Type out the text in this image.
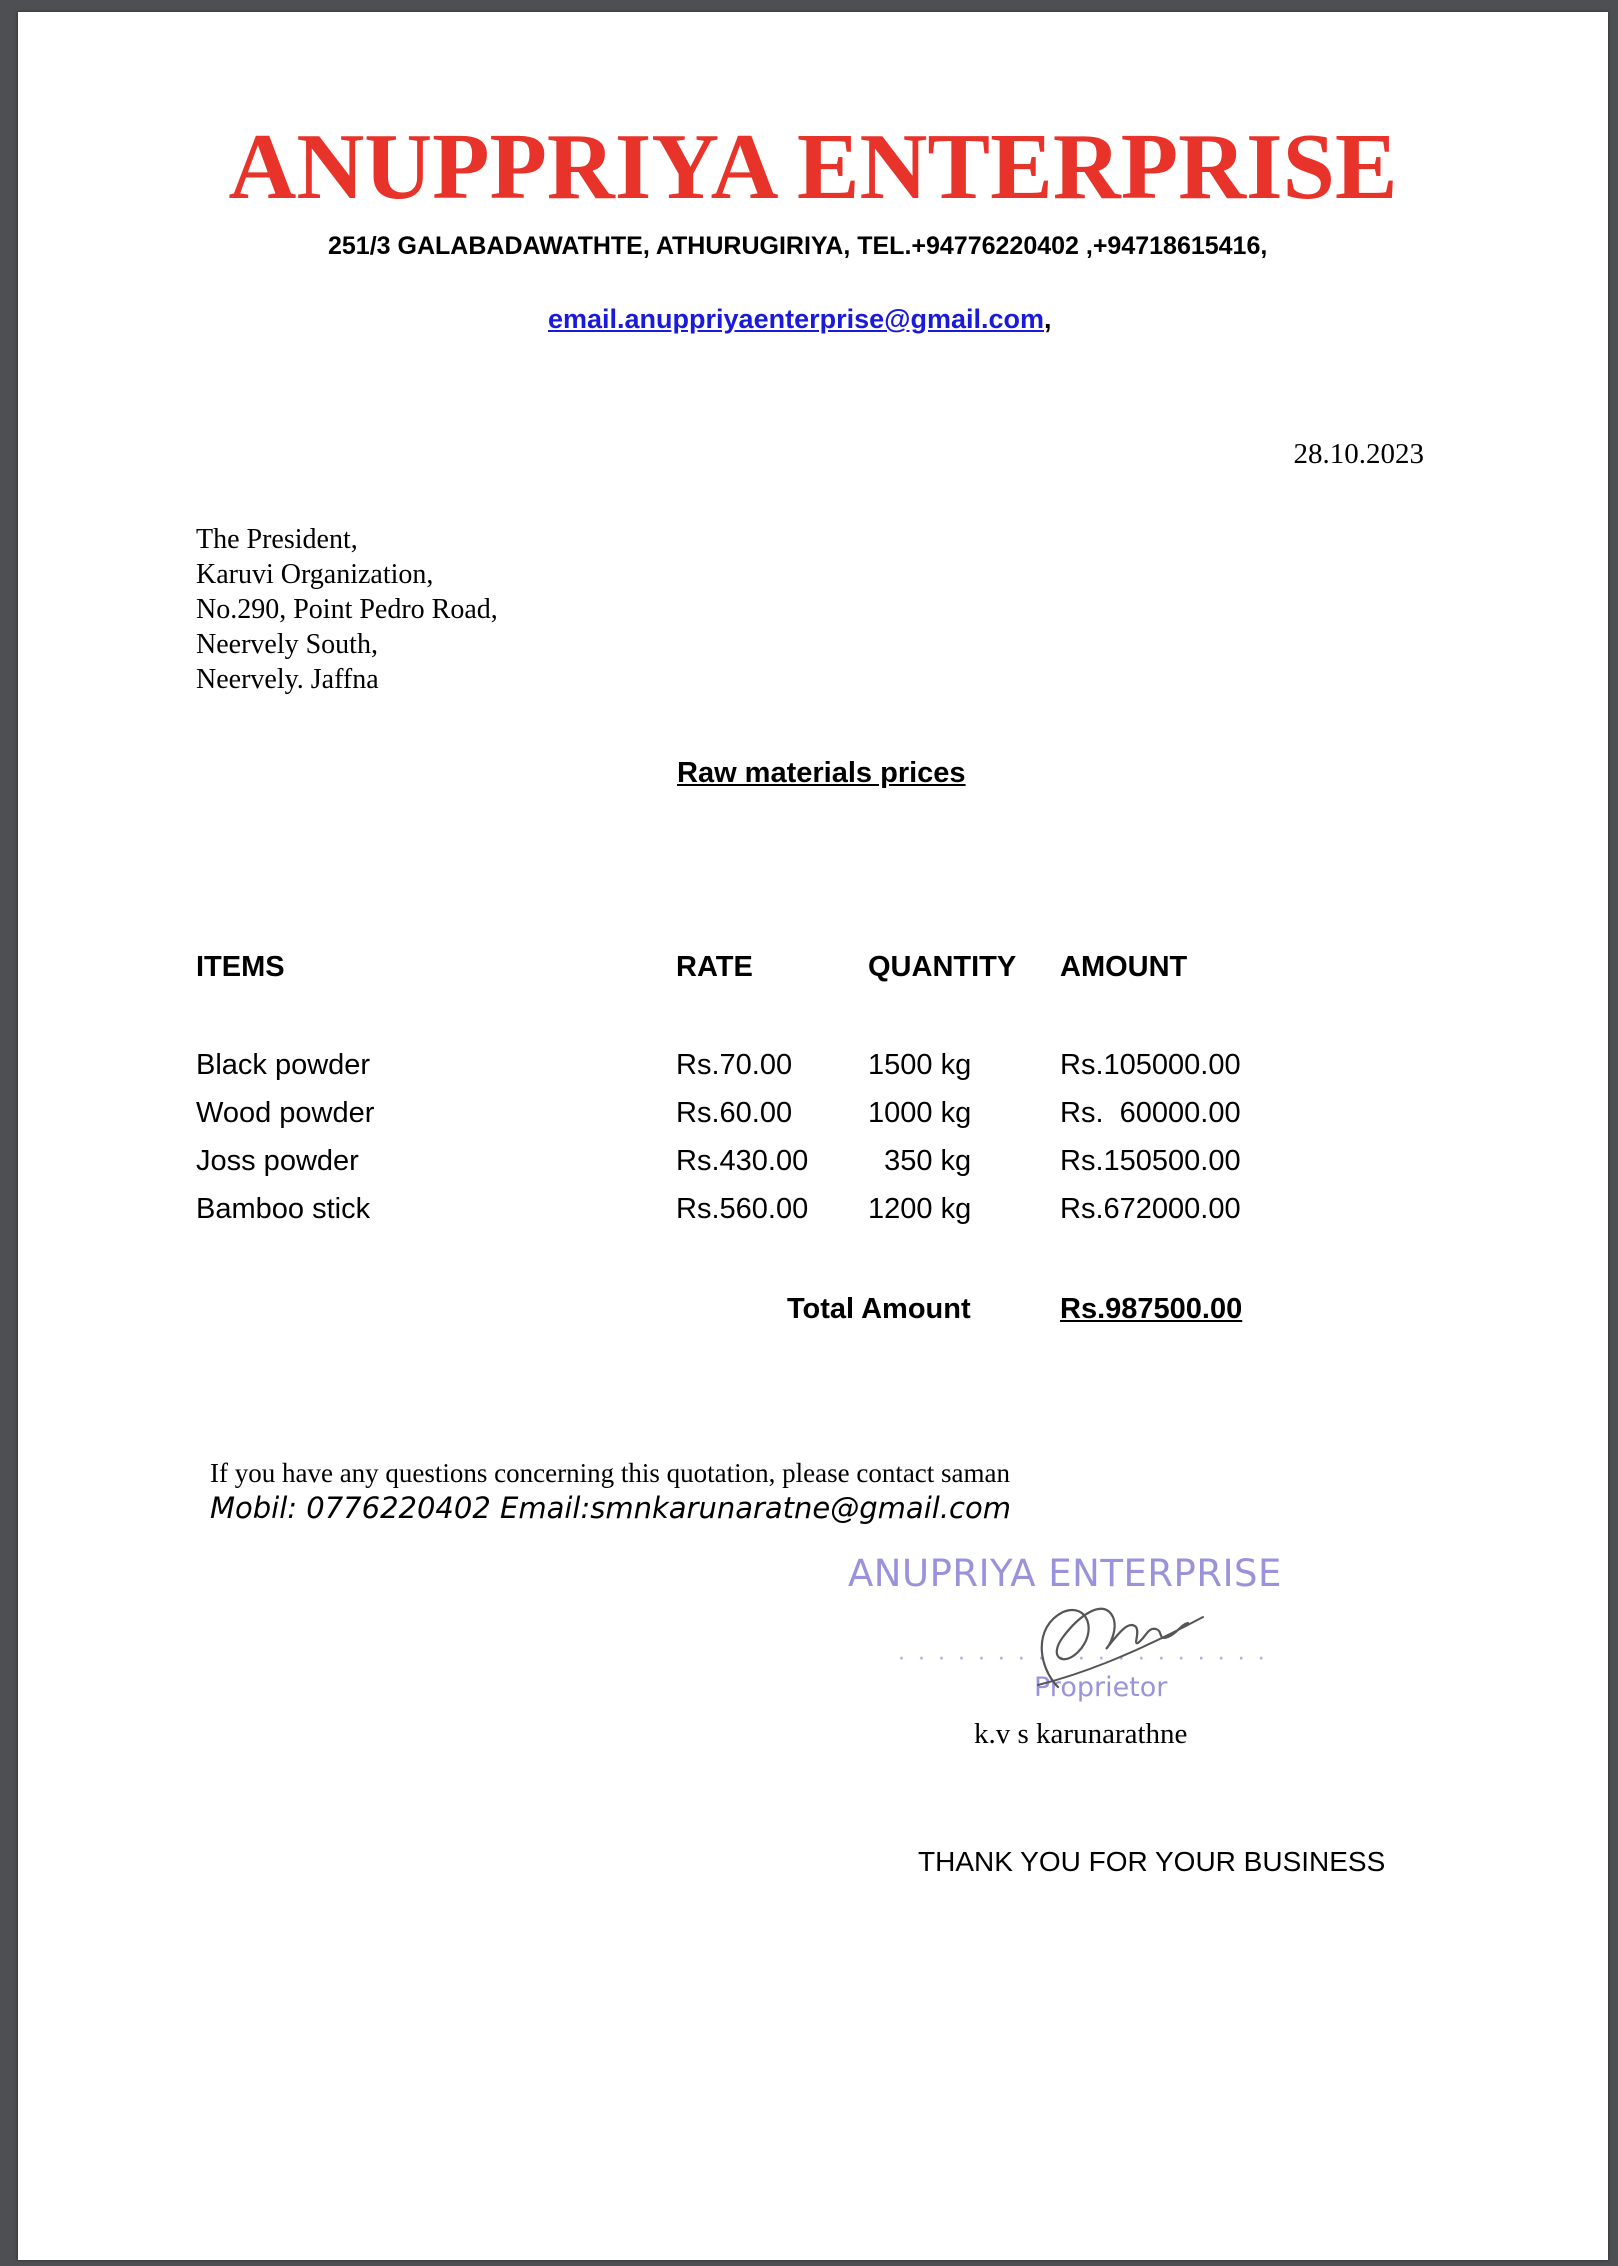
ANUPPRIYA ENTERPRISE
251/3 GALABADAWATHTE, ATHURUGIRIYA, TEL.+94776220402 ,+94718615416,
email.anuppriyaenterprise@gmail.com,
28.10.2023
The President,
Karuvi Organization,
No.290, Point Pedro Road,
Neervely South,
Neervely. Jaffna
Raw materials prices
ITEMS	RATE	QUANTITY AMOUNT
Black powder	Rs.70.00	1500 kg	Rs.105000.00
Wood powder	Rs.60.00	1000 kg	Rs.  60000.00
Joss powder	Rs.430.00 350 kg	Rs.150500.00
Bamboo stick	Rs.560.00 1200 kg	Rs.672000.00
Total Amount	Rs.987500.00
If you have any questions concerning this quotation, please contact saman
Mobil: 0776220402 Email:smnkarunaratne@gmail.com
ANUPRIYA ENTERPRISE
· · · · · · · · · · · · · · · · · · ·
Proprietor
k.v s karunarathne
THANK YOU FOR YOUR BUSINESS
